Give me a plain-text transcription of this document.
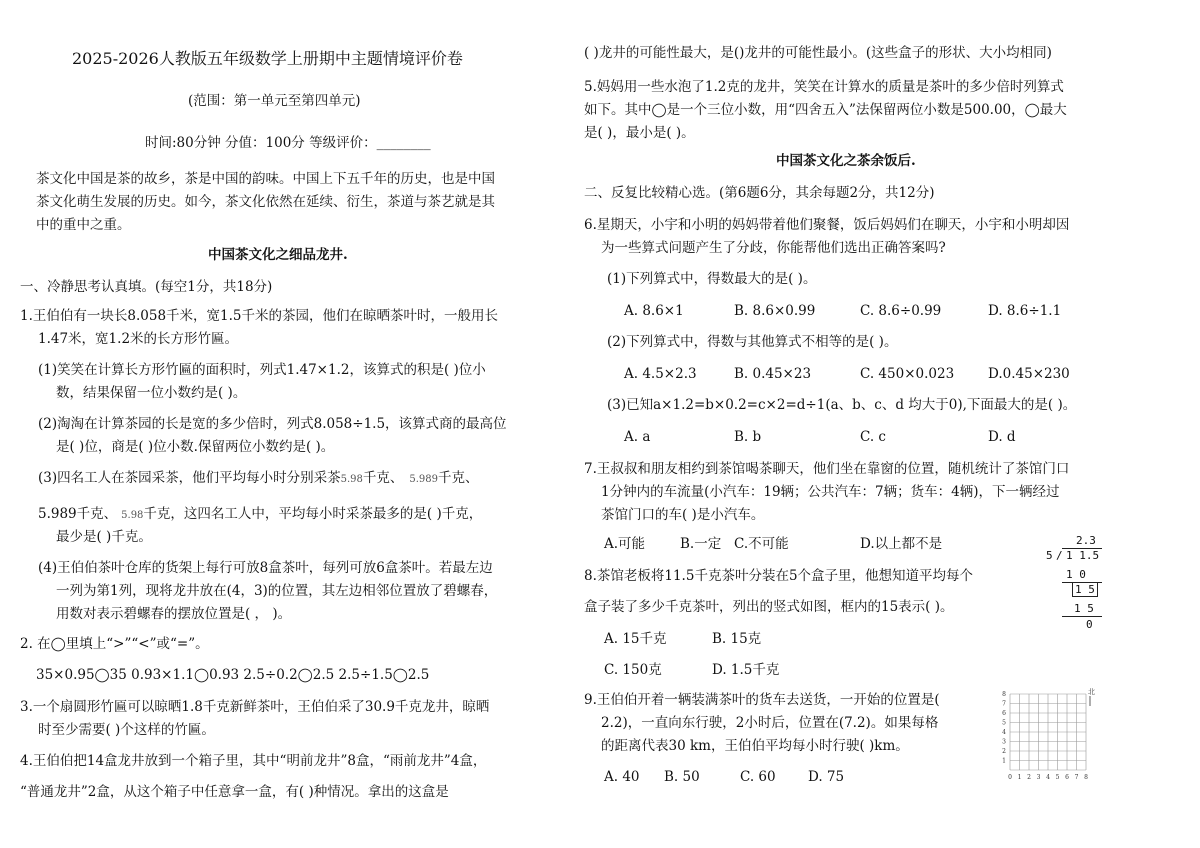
2025-2026人教版五年级数学上册期中主题情境评价卷
(范围：第一单元至第四单元)
时间:80分钟 分值：100分 等级评价：________
茶文化中国是茶的故乡，茶是中国的韵味。中国上下五千年的历史，也是中国
茶文化萌生发展的历史。如今，茶文化依然在延续、衍生，茶道与茶艺就是其
中的重中之重。
中国茶文化之细品龙井.
一、冷静思考认真填。(每空1分，共18分)
1.王伯伯有一块长8.058千米，宽1.5千米的茶园，他们在晾晒茶叶时，一般用长
1.47米，宽1.2米的长方形竹匾。
(1)笑笑在计算长方形竹匾的面积时，列式1.47×1.2，该算式的积是( )位小
数，结果保留一位小数约是( )。
(2)淘淘在计算茶园的长是宽的多少倍时，列式8.058÷1.5，该算式商的最高位
是( )位，商是( )位小数.保留两位小数约是( )。
(3)四名工人在茶园采茶，他们平均每小时分别采茶5.98千克、 5.989千克、
5.989千克、 5.98千克，这四名工人中，平均每小时采茶最多的是( )千克，
最少是( )千克。
(4)王伯伯茶叶仓库的货架上每行可放8盒茶叶，每列可放6盒茶叶。若最左边
一列为第1列，现将龙井放在(4，3)的位置，其左边相邻位置放了碧螺春，
用数对表示碧螺春的摆放位置是( ， )。
2. 在◯里填上“>”“<”或“=”。
35×0.95◯35 0.93×1.1◯0.93 2.5÷0.2◯2.5 2.5÷1.5◯2.5
3.一个扇圆形竹匾可以晾晒1.8千克新鲜茶叶，王伯伯采了30.9千克龙井，晾晒
时至少需要( )个这样的竹匾。
4.王伯伯把14盒龙井放到一个箱子里，其中“明前龙井”8盒，“雨前龙井”4盒，
“普通龙井”2盒，从这个箱子中任意拿一盒，有( )种情况。拿出的这盒是
( )龙井的可能性最大，是()龙井的可能性最小。(这些盒子的形状、大小均相同)
5.妈妈用一些水泡了1.2克的龙井，笑笑在计算水的质量是茶叶的多少倍时列算式
如下。其中◯是一个三位小数，用“四舍五入”法保留两位小数是500.00，◯最大
是( )，最小是( )。
中国茶文化之茶余饭后.
二、反复比较精心选。(第6题6分，其余每题2分，共12分)
6.星期天，小宇和小明的妈妈带着他们聚餐，饭后妈妈们在聊天，小宇和小明却因
为一些算式问题产生了分歧，你能帮他们选出正确答案吗?
(1)下列算式中，得数最大的是( )。
A. 8.6×1	B. 8.6×0.99	C. 8.6÷0.99	D. 8.6÷1.1
(2)下列算式中，得数与其他算式不相等的是( )。
A. 4.5×2.3	B. 0.45×23	C. 450×0.023	D.0.45×230
(3)已知a×1.2=b×0.2=c×2=d÷1(a、b、c、d 均大于0),下面最大的是( )。
A. a	B. b	C. c	D. d
7.王叔叔和朋友相约到茶馆喝茶聊天，他们坐在靠窗的位置，随机统计了茶馆门口
1分钟内的车流量(小汽车：19辆；公共汽车：7辆；货车：4辆)，下一辆经过
茶馆门口的车( )是小汽车。
A.可能	B.一定 C.不可能	D.以上都不是
8.茶馆老板将11.5千克茶叶分装在5个盒子里，他想知道平均每个
盒子装了多少千克茶叶，列出的竖式如图，框内的15表示( )。
A. 15千克	B. 15克
C. 150克	D. 1.5千克
2.3
5 / 1 1.5
1 0
1 5
1 5
0
9.王伯伯开着一辆装满茶叶的货车去送货，一开始的位置是(
2.2)，一直向东行驶，2小时后，位置在(7.2)。如果每格
的距离代表30 km，王伯伯平均每小时行驶( )km。
A. 40 B. 50	C. 60 D. 75	0 1 2 3 4 5 6 7 8
1
2
3
4
5
6
7
8	北
